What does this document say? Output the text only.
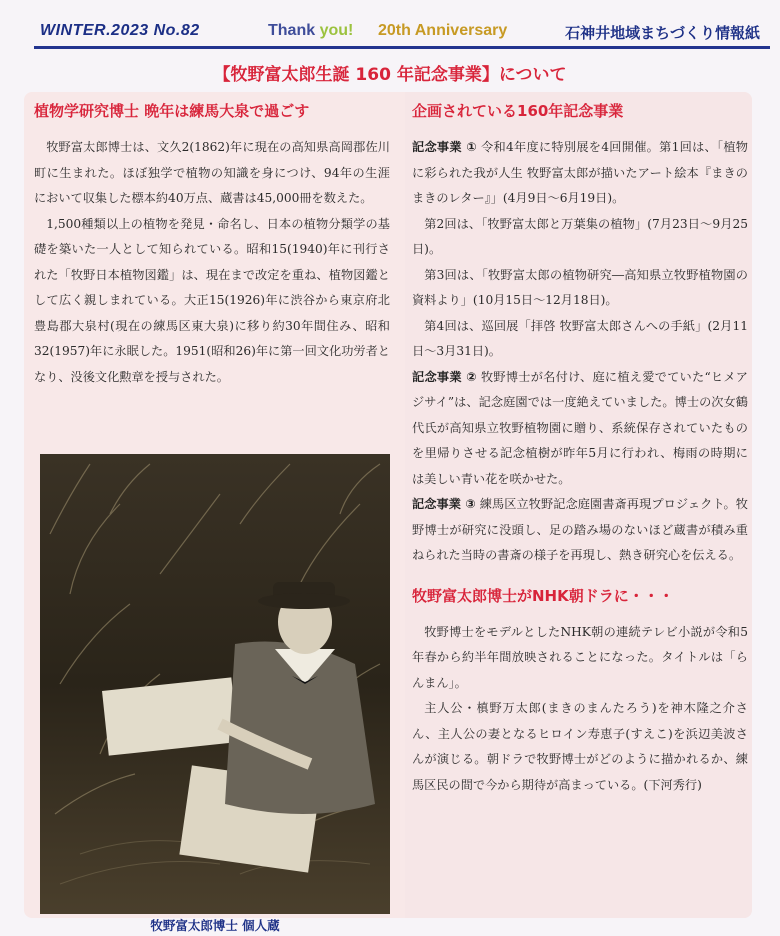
WINTER.2023 No.82	Thank you! 20th Anniversary	石神井地域まちづくり情報紙
【牧野富太郎生誕 160 年記念事業】について
植物学研究博士 晩年は練馬大泉で過ごす

牧野富太郎博士は、文久2(1862)年に現在の高知県高岡郡佐川町に生まれた。ほぼ独学で植物の知識を身につけ、94年の生涯において収集した標本約40万点、蔵書は45,000冊を数えた。

1,500種類以上の植物を発見・命名し、日本の植物分類学の基礎を築いた一人として知られている。昭和15(1940)年に刊行された「牧野日本植物図鑑」は、現在まで改定を重ね、植物図鑑として広く親しまれている。大正15(1926)年に渋谷から東京府北豊島郡大泉村(現在の練馬区東大泉)に移り約30年間住み、昭和32(1957)年に永眠した。1951(昭和26)年に第一回文化功労者となり、没後文化勲章を授与された。

牧野富太郎博士 個人蔵
企画されている160年記念事業

記念事業 ① 令和4年度に特別展を4回開催。第1回は、「植物に彩られた我が人生 牧野富太郎が描いたアート絵本『まきのまきのレター』」(4月9日～6月19日)。

第2回は、「牧野富太郎と万葉集の植物」(7月23日～9月25日)。

第3回は、「牧野富太郎の植物研究―高知県立牧野植物園の資料より」(10月15日～12月18日)。

第4回は、巡回展「拝啓 牧野富太郎さんへの手紙」(2月11日～3月31日)。

記念事業 ② 牧野博士が名付け、庭に植え愛でていた“ヒメアジサイ”は、記念庭園では一度絶えていました。博士の次女鶴代氏が高知県立牧野植物園に贈り、系統保存されていたものを里帰りさせる記念植樹が昨年5月に行われ、梅雨の時期には美しい青い花を咲かせた。

記念事業 ③ 練馬区立牧野記念庭園書斎再現プロジェクト。牧野博士が研究に没頭し、足の踏み場のないほど蔵書が積み重ねられた当時の書斎の様子を再現し、熱き研究心を伝える。

牧野富太郎博士がNHK朝ドラに・・・

牧野博士をモデルとしたNHK朝の連続テレビ小説が令和5年春から約半年間放映されることになった。タイトルは「らんまん」。

主人公・槙野万太郎(まきのまんたろう)を神木隆之介さん、主人公の妻となるヒロイン寿恵子(すえこ)を浜辺美波さんが演じる。朝ドラで牧野博士がどのように描かれるか、練馬区民の間で今から期待が高まっている。(下河秀行)
